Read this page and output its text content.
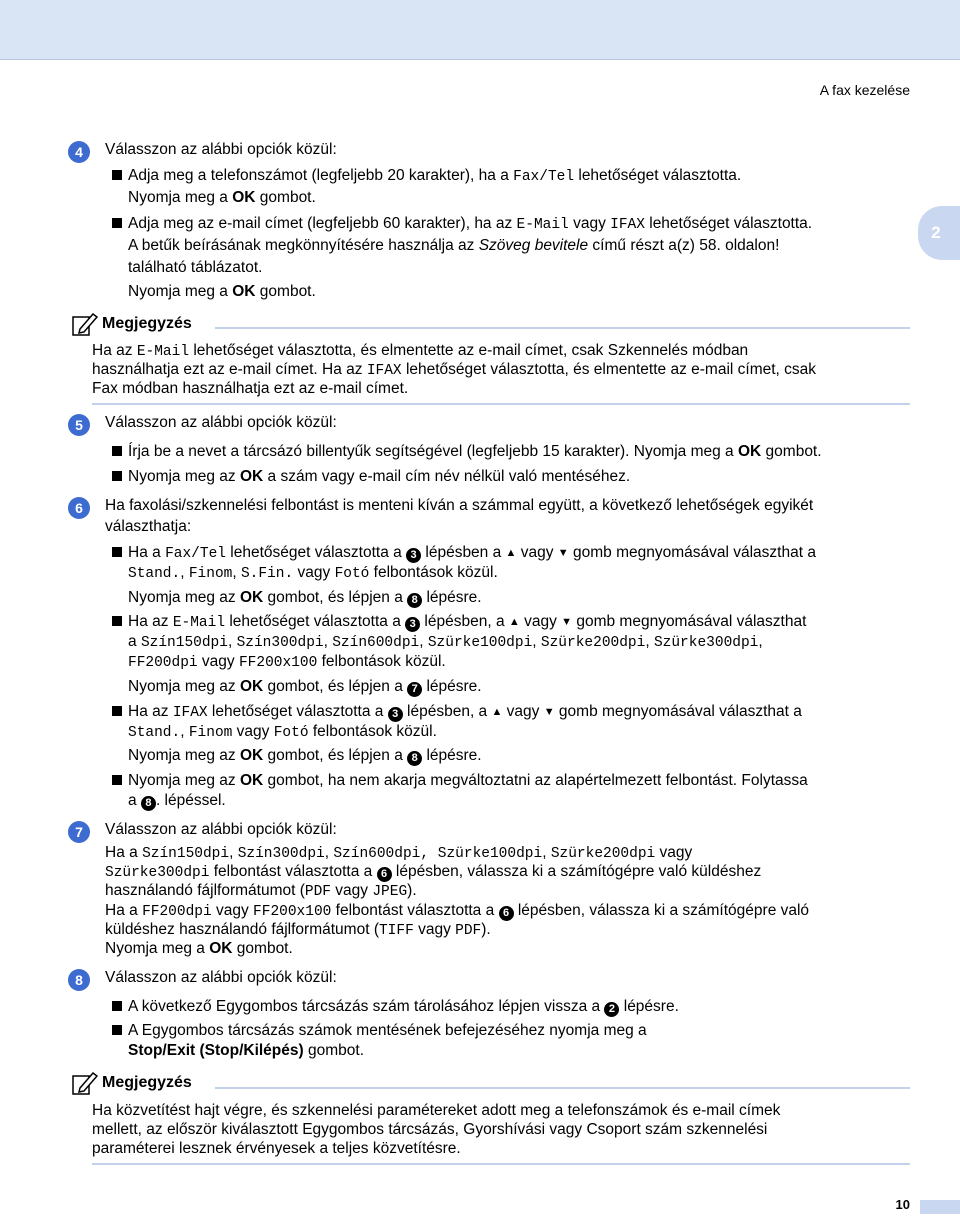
A fax kezelése
2
4	Válasszon az alábbi opciók közül:
Adja meg a telefonszámot (legfeljebb 20 karakter), ha a Fax/Tel lehetőséget választotta.
Nyomja meg a OK gombot.
Adja meg az e-mail címet (legfeljebb 60 karakter), ha az E-Mail vagy IFAX lehetőséget választotta.
A betűk beírásának megkönnyítésére használja az Szöveg bevitele című részt a(z) 58. oldalon!
található táblázatot.
Nyomja meg a OK gombot.
Megjegyzés
Ha az E-Mail lehetőséget választotta, és elmentette az e-mail címet, csak Szkennelés módban
használhatja ezt az e-mail címet. Ha az IFAX lehetőséget választotta, és elmentette az e-mail címet, csak
Fax módban használhatja ezt az e-mail címet.
5	Válasszon az alábbi opciók közül:
Írja be a nevet a tárcsázó billentyűk segítségével (legfeljebb 15 karakter). Nyomja meg a OK gombot.
Nyomja meg az OK a szám vagy e-mail cím név nélkül való mentéséhez.
6	Ha faxolási/szkennelési felbontást is menteni kíván a számmal együtt, a következő lehetőségek egyikét
választhatja:
Ha a Fax/Tel lehetőséget választotta a 3 lépésben a ▲ vagy ▼ gomb megnyomásával választhat a
Stand., Finom, S.Fin. vagy Fotó felbontások közül.
Nyomja meg az OK gombot, és lépjen a 8 lépésre.
Ha az E-Mail lehetőséget választotta a 3 lépésben, a ▲ vagy ▼ gomb megnyomásával választhat
a Szín150dpi, Szín300dpi, Szín600dpi, Szürke100dpi, Szürke200dpi, Szürke300dpi,
FF200dpi vagy FF200x100 felbontások közül.
Nyomja meg az OK gombot, és lépjen a 7 lépésre.
Ha az IFAX lehetőséget választotta a 3 lépésben, a ▲ vagy ▼ gomb megnyomásával választhat a
Stand., Finom vagy Fotó felbontások közül.
Nyomja meg az OK gombot, és lépjen a 8 lépésre.
Nyomja meg az OK gombot, ha nem akarja megváltoztatni az alapértelmezett felbontást. Folytassa
a 8 . lépéssel.
7	Válasszon az alábbi opciók közül:
Ha a Szín150dpi, Szín300dpi, Szín600dpi, Szürke100dpi, Szürke200dpi vagy
Szürke300dpi felbontást választotta a 6 lépésben, válassza ki a számítógépre való küldéshez
használandó fájlformátumot (PDF vagy JPEG).
Ha a FF200dpi vagy FF200x100 felbontást választotta a 6 lépésben, válassza ki a számítógépre való
küldéshez használandó fájlformátumot (TIFF vagy PDF).
Nyomja meg a OK gombot.
8	Válasszon az alábbi opciók közül:
A következő Egygombos tárcsázás szám tárolásához lépjen vissza a 2 lépésre.
A Egygombos tárcsázás számok mentésének befejezéséhez nyomja meg a
Stop/Exit (Stop/Kilépés) gombot.
Megjegyzés
Ha közvetítést hajt végre, és szkennelési paramétereket adott meg a telefonszámok és e-mail címek
mellett, az először kiválasztott Egygombos tárcsázás, Gyorshívási vagy Csoport szám szkennelési
paraméterei lesznek érvényesek a teljes közvetítésre.
10
